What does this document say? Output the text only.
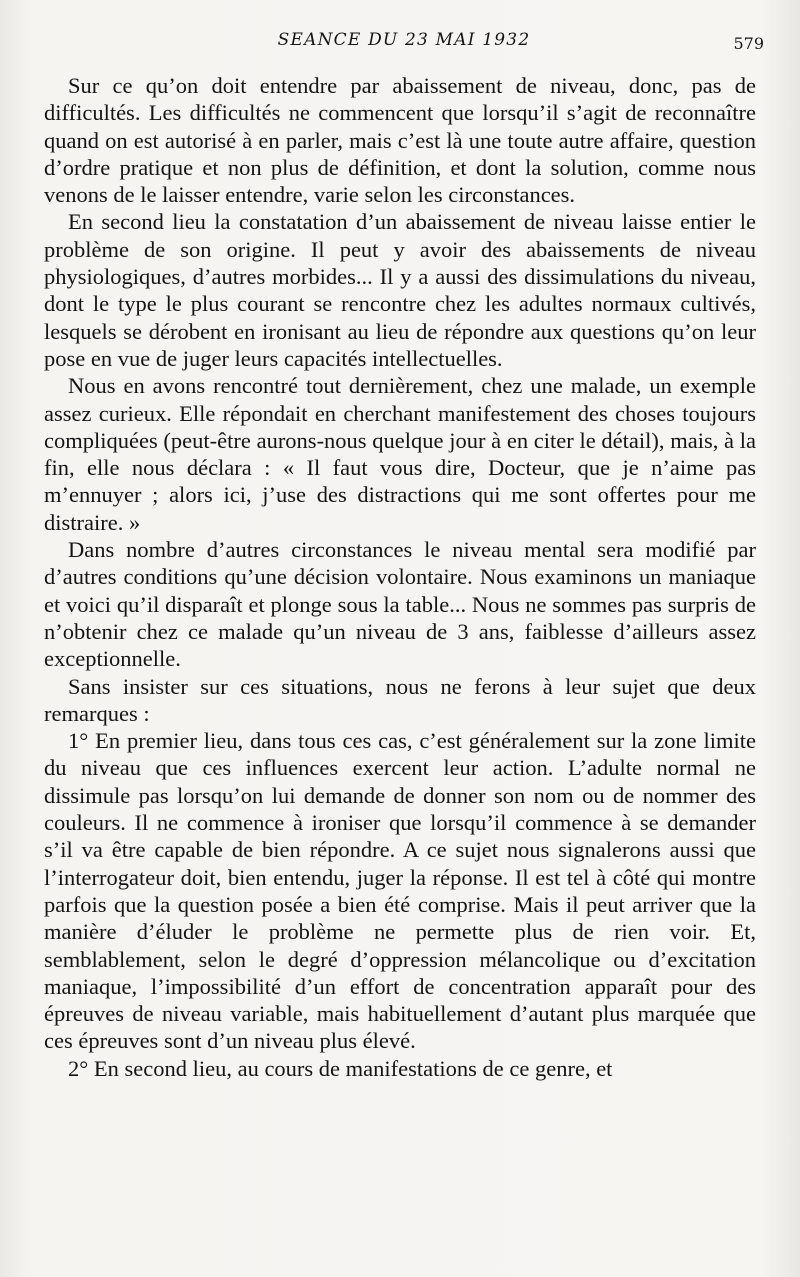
SEANCE DU 23 MAI 1932	579

Sur ce qu’on doit entendre par abaissement de niveau, donc, pas de difficultés. Les difficultés ne commencent que lorsqu’il s’agit de reconnaître quand on est autorisé à en parler, mais c’est là une toute autre affaire, question d’ordre pratique et non plus de définition, et dont la solution, comme nous venons de le laisser entendre, varie selon les circonstances.

En second lieu la constatation d’un abaissement de niveau laisse entier le problème de son origine. Il peut y avoir des abaissements de niveau physiologiques, d’autres morbides... Il y a aussi des dissimulations du niveau, dont le type le plus courant se rencontre chez les adultes normaux cultivés, lesquels se dérobent en ironisant au lieu de répondre aux questions qu’on leur pose en vue de juger leurs capacités intellectuelles.

Nous en avons rencontré tout dernièrement, chez une malade, un exemple assez curieux. Elle répondait en cherchant manifestement des choses toujours compliquées (peut-être aurons-nous quelque jour à en citer le détail), mais, à la fin, elle nous déclara : « Il faut vous dire, Docteur, que je n’aime pas m’ennuyer ; alors ici, j’use des distractions qui me sont offertes pour me distraire. »

Dans nombre d’autres circonstances le niveau mental sera modifié par d’autres conditions qu’une décision volontaire. Nous examinons un maniaque et voici qu’il disparaît et plonge sous la table... Nous ne sommes pas surpris de n’obtenir chez ce malade qu’un niveau de 3 ans, faiblesse d’ailleurs assez exceptionnelle.

Sans insister sur ces situations, nous ne ferons à leur sujet que deux remarques :

1° En premier lieu, dans tous ces cas, c’est généralement sur la zone limite du niveau que ces influences exercent leur action. L’adulte normal ne dissimule pas lorsqu’on lui demande de donner son nom ou de nommer des couleurs. Il ne commence à ironiser que lorsqu’il commence à se demander s’il va être capable de bien répondre. A ce sujet nous signalerons aussi que l’interrogateur doit, bien entendu, juger la réponse. Il est tel à côté qui montre parfois que la question posée a bien été comprise. Mais il peut arriver que la manière d’éluder le problème ne permette plus de rien voir. Et, semblablement, selon le degré d’oppression mélancolique ou d’excitation maniaque, l’impossibilité d’un effort de concentration apparaît pour des épreuves de niveau variable, mais habituellement d’autant plus marquée que ces épreuves sont d’un niveau plus élevé.

2° En second lieu, au cours de manifestations de ce genre, et
